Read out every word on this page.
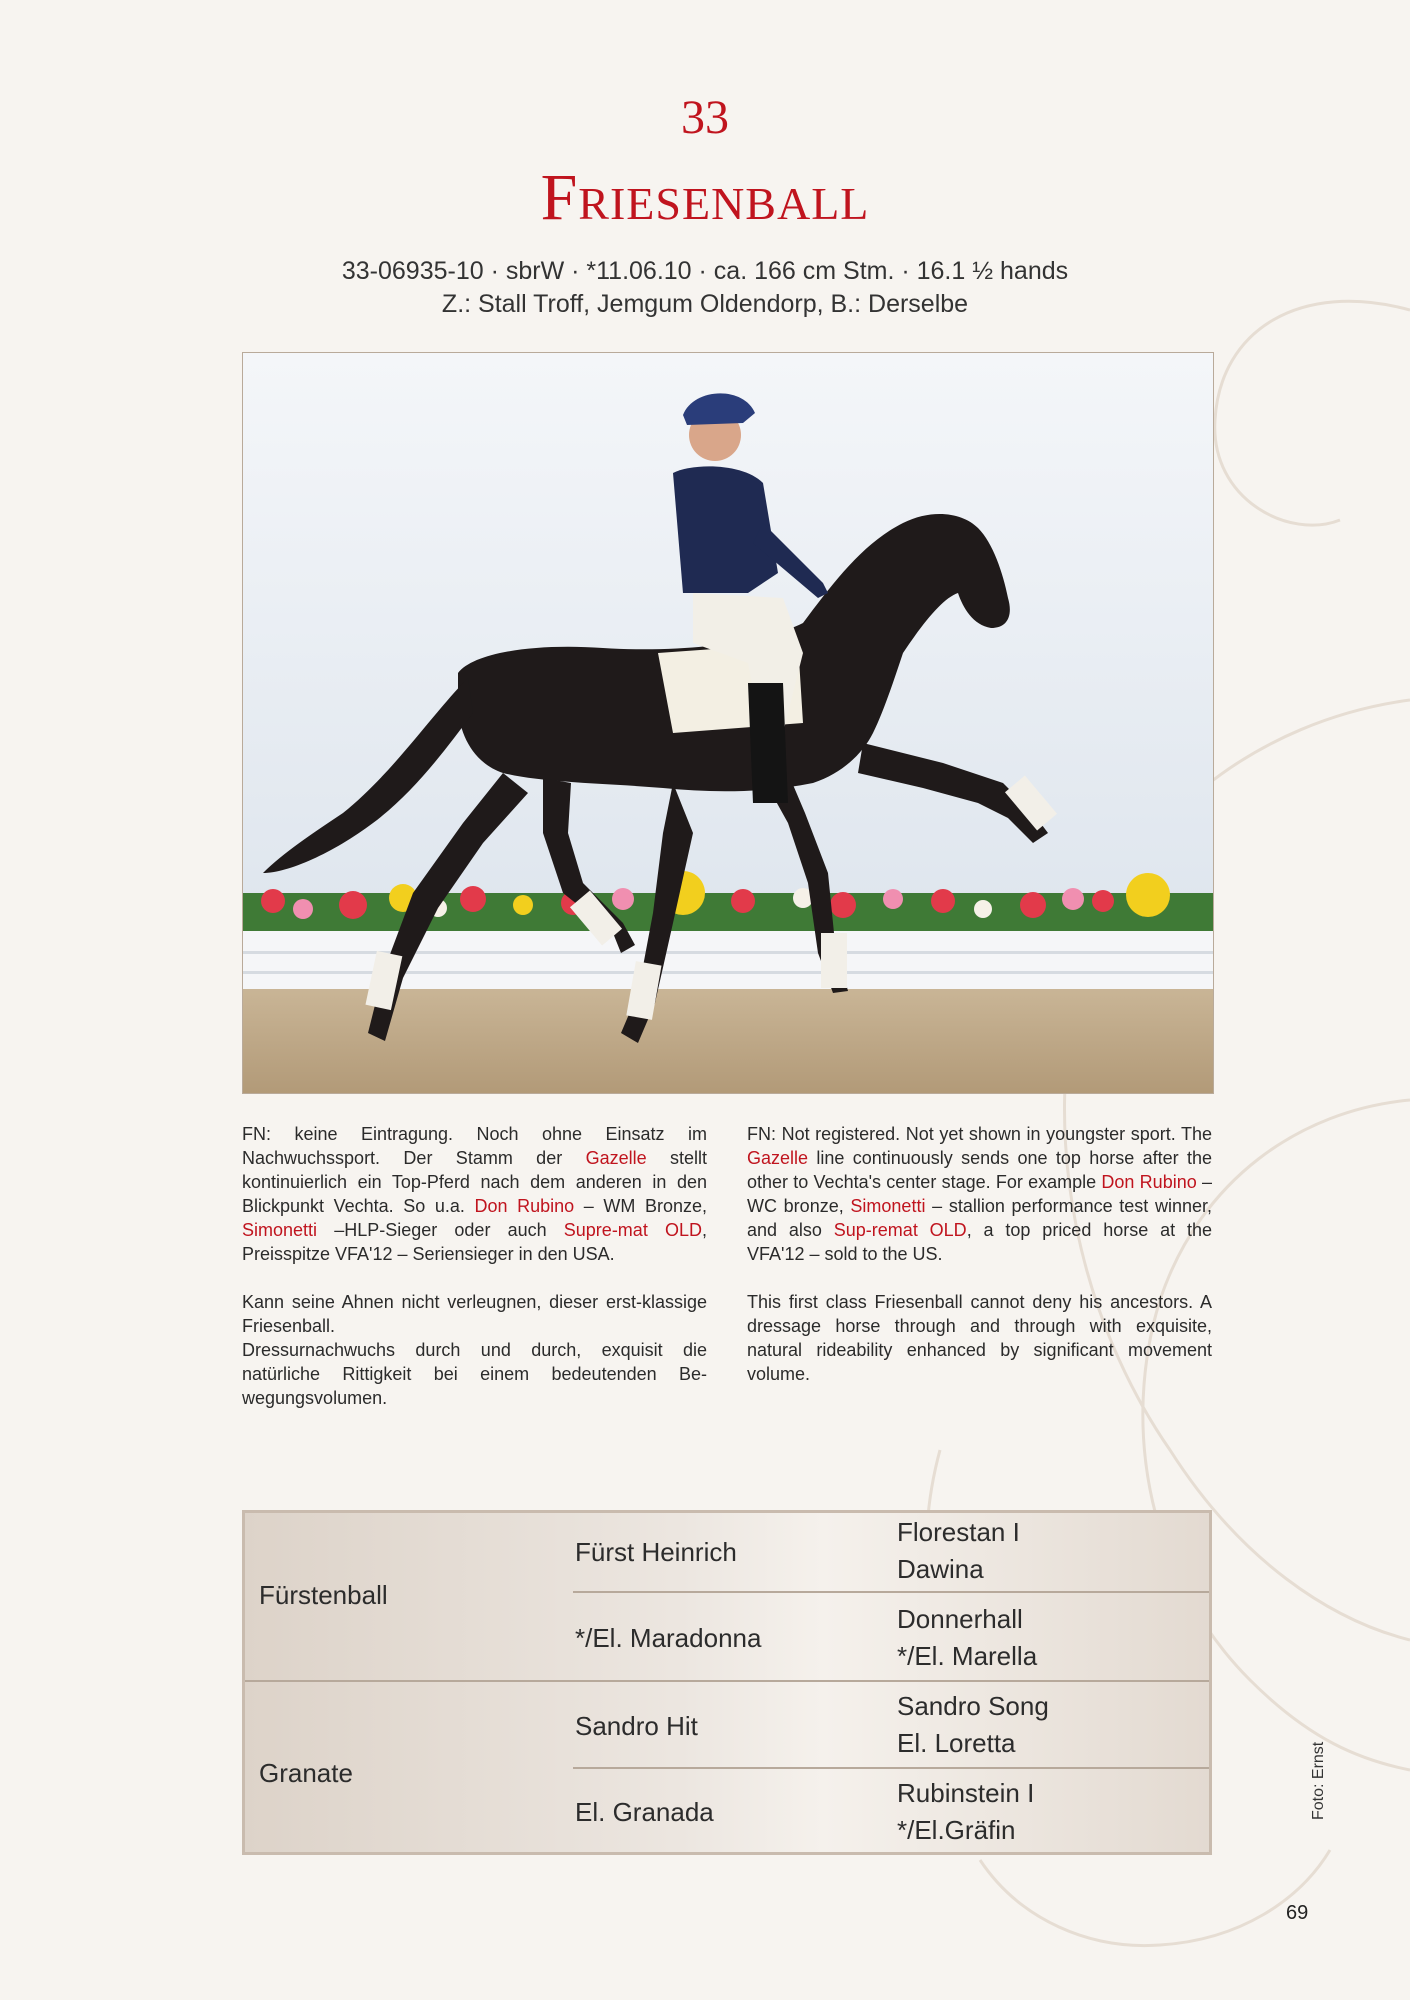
33
Friesenball
33-06935-10 · sbrW · *11.06.10 · ca. 166 cm Stm. · 16.1 ½ hands
Z.: Stall Troff, Jemgum Oldendorp, B.: Derselbe

FN: keine Eintragung. Noch ohne Einsatz im Nachwuchssport. Der Stamm der Gazelle stellt kontinuierlich ein Top-Pferd nach dem anderen in den Blickpunkt Vechta. So u.a. Don Rubino – WM Bronze, Simonetti –HLP-Sieger oder auch Supre-mat OLD, Preisspitze VFA'12 – Seriensieger in den USA.

Kann seine Ahnen nicht verleugnen, dieser erst-klassige Friesenball.

Dressurnachwuchs durch und durch, exquisit die natürliche Rittigkeit bei einem bedeutenden Be-wegungsvolumen.

FN: Not registered. Not yet shown in youngster sport. The Gazelle line continuously sends one top horse after the other to Vechta's center stage. For example Don Rubino – WC bronze, Simonetti – stallion performance test winner, and also Sup-remat OLD, a top priced horse at the VFA'12 – sold to the US.

This first class Friesenball cannot deny his ancestors. A dressage horse through and through with exquisite, natural rideability enhanced by significant movement volume.

Fürstenball
Granate
Fürst Heinrich
*/El. Maradonna
Sandro Hit
El. Granada
Florestan I
Dawina
Donnerhall
*/El. Marella
Sandro Song
El. Loretta
Rubinstein I
*/El.Gräfin
Foto: Ernst
69
